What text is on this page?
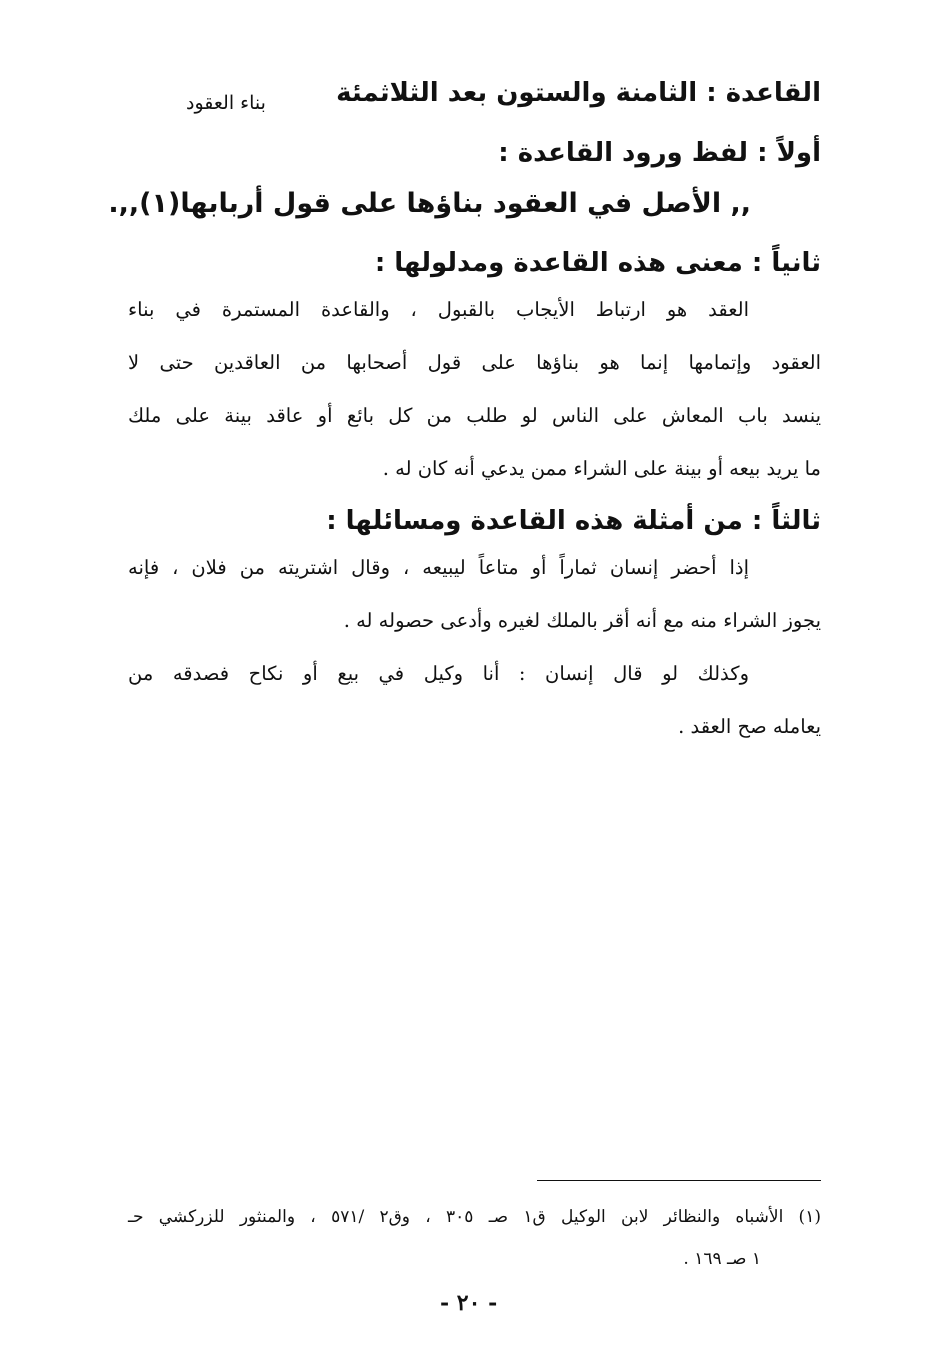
القاعدة : الثامنة والستون بعد الثلاثمئة
بناء العقود
أولاً : لفظ ورود القاعدة :
,, الأصل في العقود بناؤها على قول أربابها(١),,.
ثانياً : معنى هذه القاعدة ومدلولها :
العقد هو ارتباط الأيجاب بالقبول ، والقاعدة المستمرة في بناء
العقود وإتمامها إنما هو بناؤها على قول أصحابها من العاقدين حتى لا
ينسد باب المعاش على الناس لو طلب من كل بائع أو عاقد بينة على ملك
ما يريد بيعه أو بينة على الشراء ممن يدعي أنه كان له .
ثالثاً : من أمثلة هذه القاعدة ومسائلها :
إذا أحضر إنسان ثماراً أو متاعاً ليبيعه ، وقال اشتريته من فلان ، فإنه
يجوز الشراء منه مع أنه أقر بالملك لغيره وأدعى حصوله له .
وكذلك لو قال إنسان : أنا وكيل في بيع أو نكاح فصدقه من
يعامله صح العقد .
(١) الأشباه والنظائر لابن الوكيل ق١ صـ ٣٠٥ ، وق٢ /٥٧١ ، والمنثور للزركشي حـ
١ صـ ١٦٩ .
- ٢٠ -
